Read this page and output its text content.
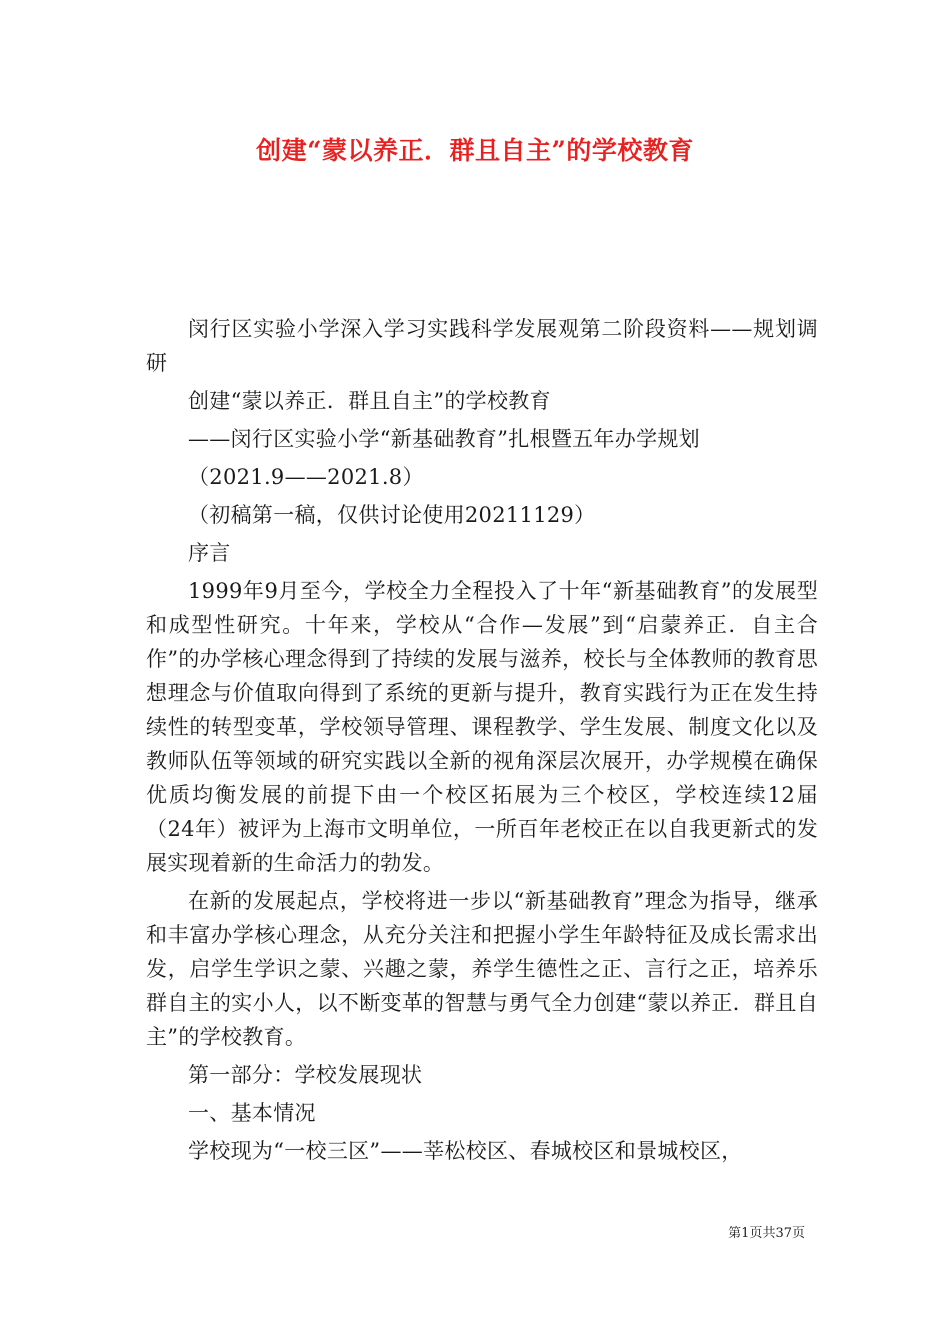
创建“蒙以养正．群且自主”的学校教育

闵行区实验小学深入学习实践科学发展观第二阶段资料——规划调研

创建“蒙以养正．群且自主”的学校教育

——闵行区实验小学“新基础教育”扎根暨五年办学规划

（2021.9——2021.8）

（初稿第一稿，仅供讨论使用20211129）

序言

1999年9月至今，学校全力全程投入了十年“新基础教育”的发展型和成型性研究。十年来，学校从“合作—发展”到“启蒙养正．自主合作”的办学核心理念得到了持续的发展与滋养，校长与全体教师的教育思想理念与价值取向得到了系统的更新与提升，教育实践行为正在发生持续性的转型变革，学校领导管理、课程教学、学生发展、制度文化以及教师队伍等领域的研究实践以全新的视角深层次展开，办学规模在确保优质均衡发展的前提下由一个校区拓展为三个校区，学校连续12届（24年）被评为上海市文明单位，一所百年老校正在以自我更新式的发展实现着新的生命活力的勃发。

在新的发展起点，学校将进一步以“新基础教育”理念为指导，继承和丰富办学核心理念，从充分关注和把握小学生年龄特征及成长需求出发，启学生学识之蒙、兴趣之蒙，养学生德性之正、言行之正，培养乐群自主的实小人，以不断变革的智慧与勇气全力创建“蒙以养正．群且自主”的学校教育。

第一部分：学校发展现状

一、基本情况

学校现为“一校三区”——莘松校区、春城校区和景城校区，

第1页共37页
